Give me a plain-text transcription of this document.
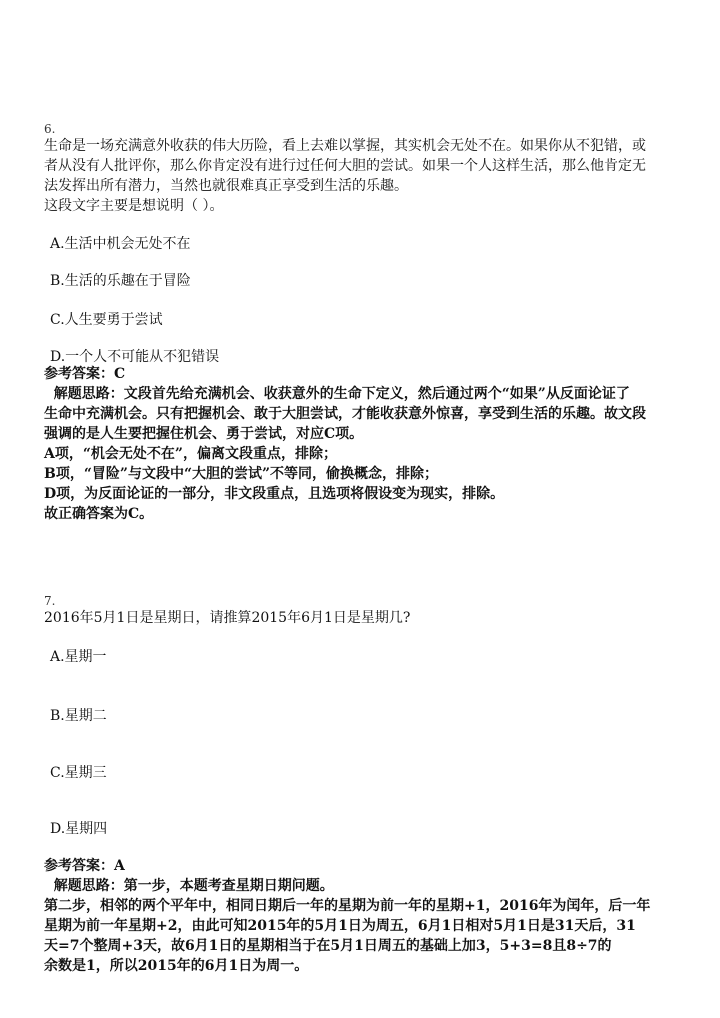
6.

生命是一场充满意外收获的伟大历险，看上去难以掌握，其实机会无处不在。如果你从不犯错，或

者从没有人批评你，那么你肯定没有进行过任何大胆的尝试。如果一个人这样生活，那么他肯定无

法发挥出所有潜力，当然也就很难真正享受到生活的乐趣。

这段文字主要是想说明（ ）。

A.生活中机会无处不在
B.生活的乐趣在于冒险
C.人生要勇于尝试
D.一个人不可能从不犯错误

参考答案：C

解题思路：文段首先给充满机会、收获意外的生命下定义，然后通过两个“如果”从反面论证了

生命中充满机会。只有把握机会、敢于大胆尝试，才能收获意外惊喜，享受到生活的乐趣。故文段

强调的是人生要把握住机会、勇于尝试，对应C项。

A项，“机会无处不在”，偏离文段重点，排除；

B项，“冒险”与文段中“大胆的尝试”不等同，偷换概念，排除；

D项，为反面论证的一部分，非文段重点，且选项将假设变为现实，排除。

故正确答案为C。

7.

2016年5月1日是星期日，请推算2015年6月1日是星期几?

A.星期一
B.星期二
C.星期三
D.星期四

参考答案：A

解题思路：第一步，本题考查星期日期问题。

第二步，相邻的两个平年中，相同日期后一年的星期为前一年的星期+1，2016年为闰年，后一年

星期为前一年星期+2，由此可知2015年的5月1日为周五，6月1日相对5月1日是31天后，31

天=7个整周+3天，故6月1日的星期相当于在5月1日周五的基础上加3，5+3=8且8÷7的

余数是1，所以2015年的6月1日为周一。
